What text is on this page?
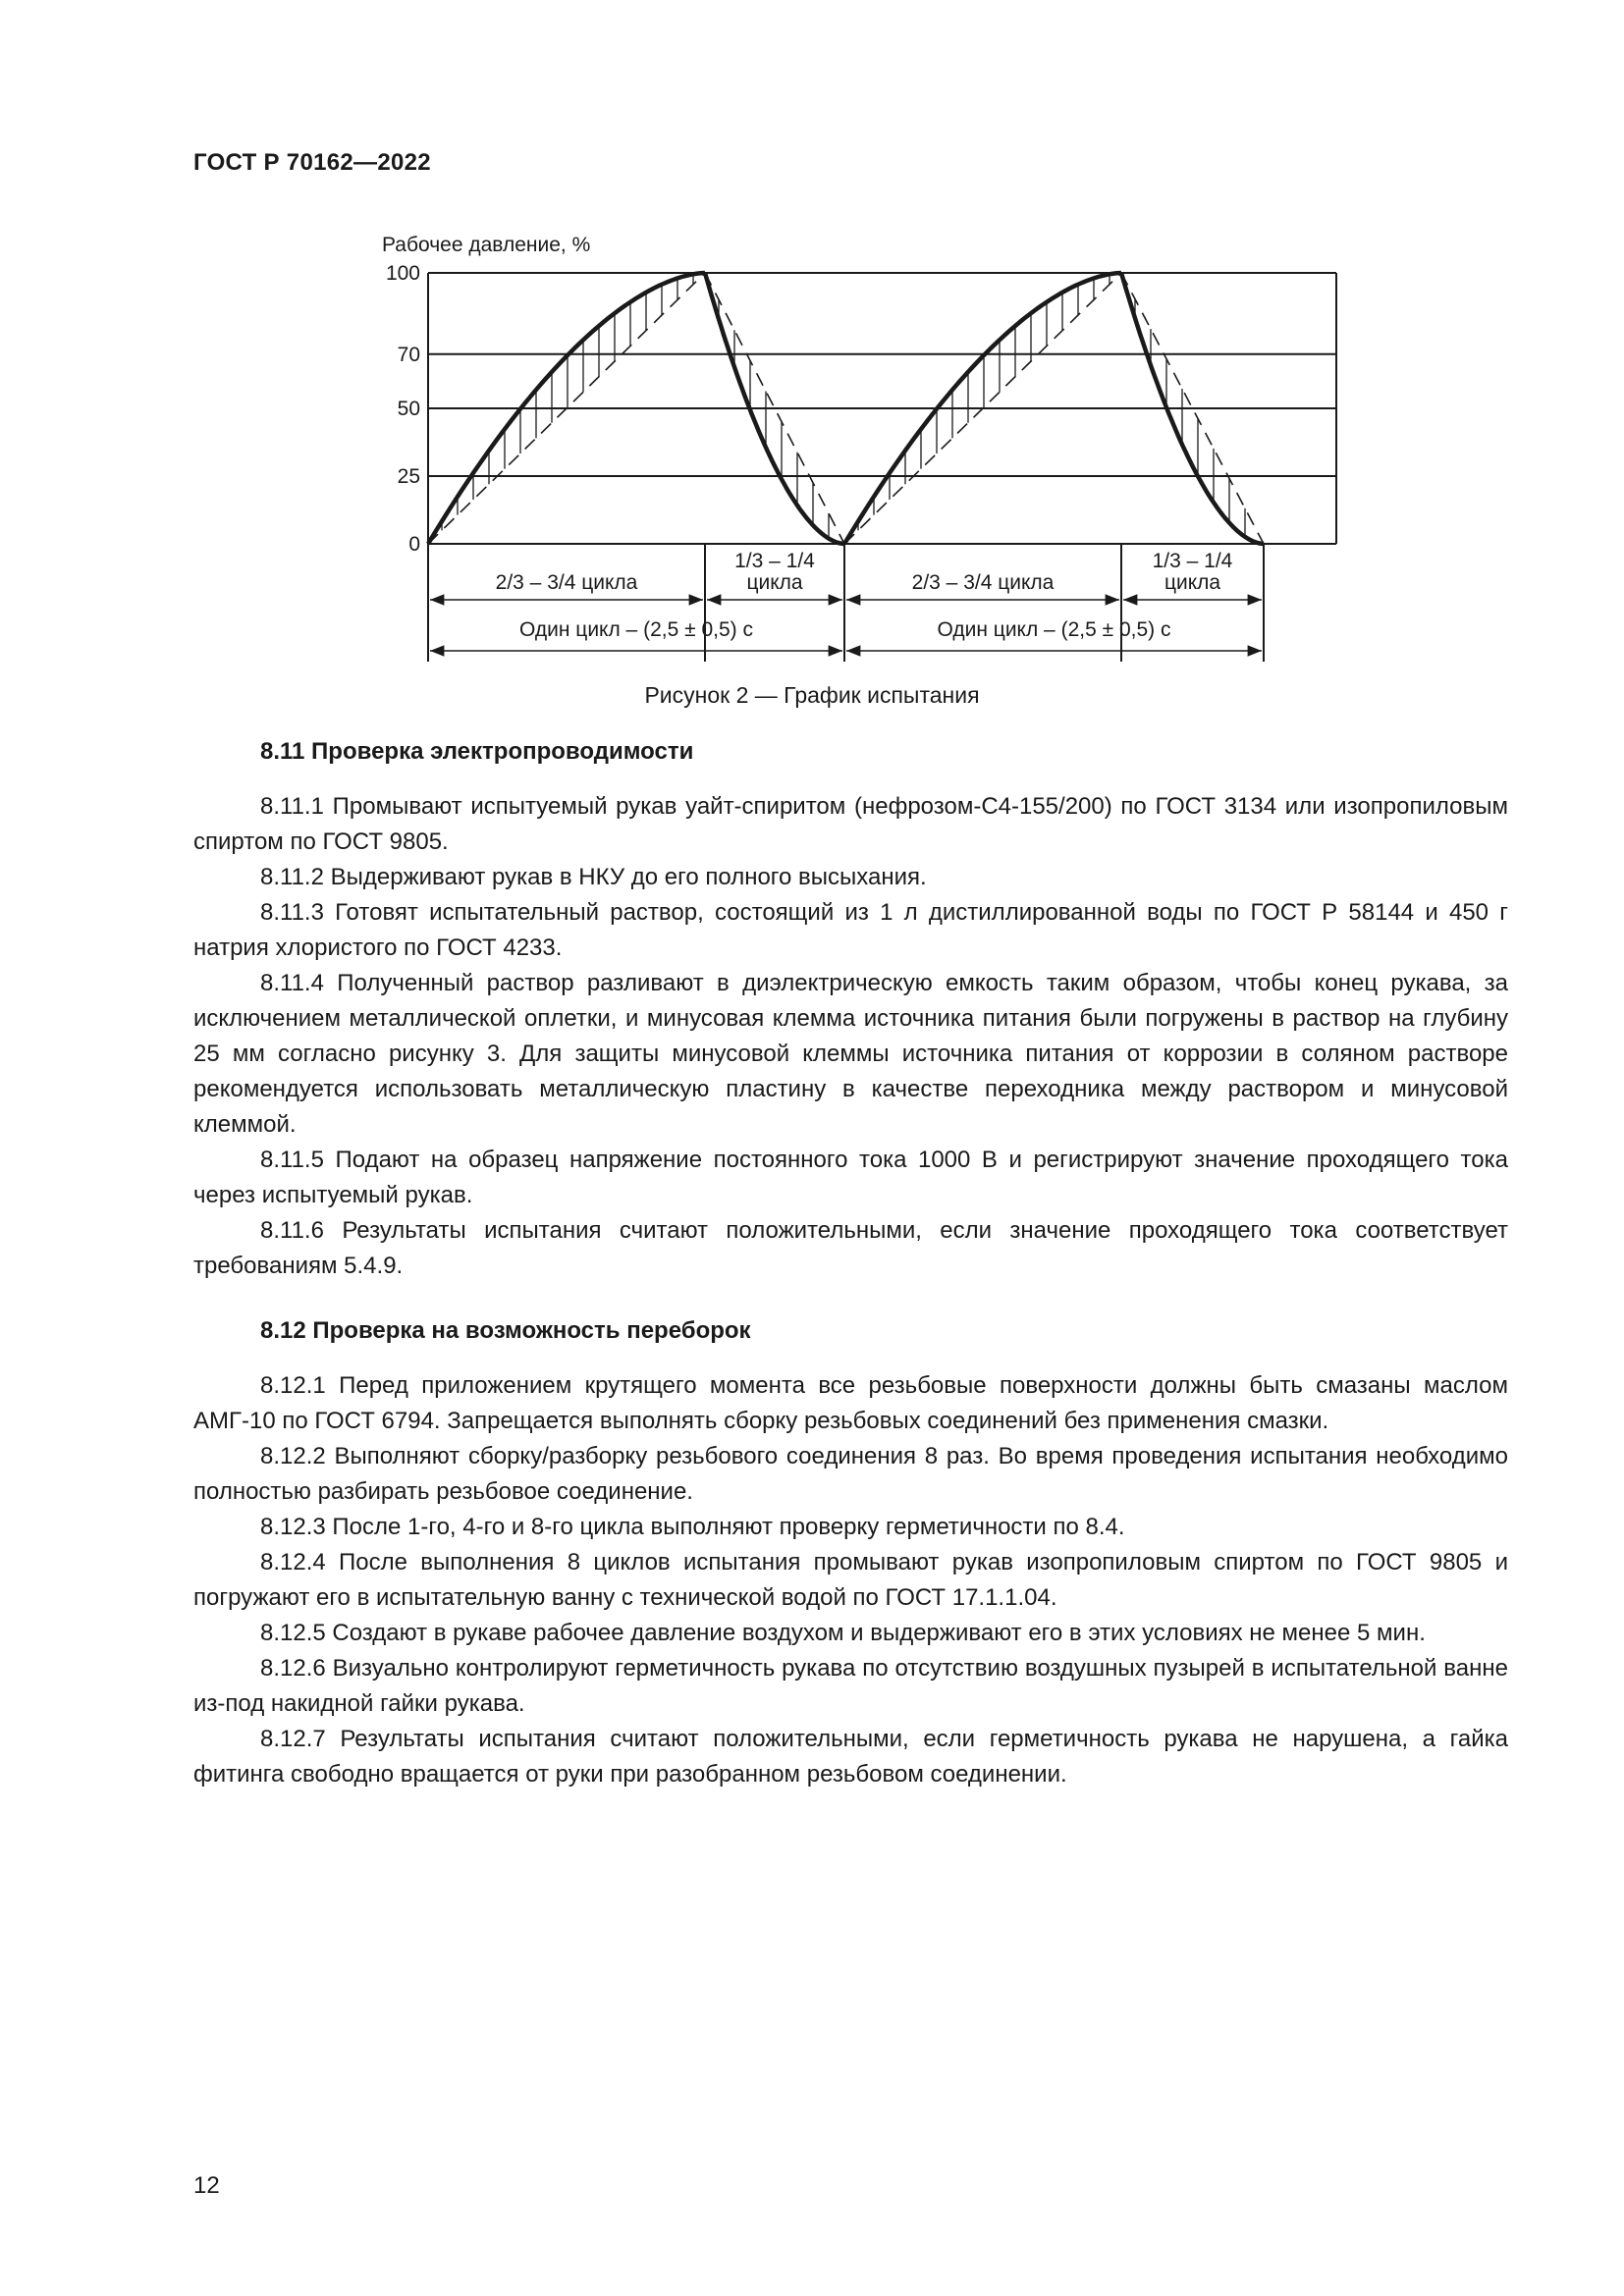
ГОСТ Р 70162—2022
Рабочее давление, %
0
25
50
70
100
2/3 – 3/4 цикла	2/3 – 3/4 цикла
1/3 – 1/4
цикла
1/3 – 1/4
цикла
Один цикл – (2,5 ± 0,5) с	Один цикл – (2,5 ± 0,5) с
Рисунок 2 — График испытания
8.11 Проверка электропроводимости

8.11.1 Промывают испытуемый рукав уайт-спиритом (нефрозом-С4-155/200) по ГОСТ 3134 или изопропиловым спиртом по ГОСТ 9805.

8.11.2 Выдерживают рукав в НКУ до его полного высыхания.

8.11.3 Готовят испытательный раствор, состоящий из 1 л дистиллированной воды по ГОСТ Р 58144 и 450 г натрия хлористого по ГОСТ 4233.

8.11.4 Полученный раствор разливают в диэлектрическую емкость таким образом, чтобы конец рукава, за исключением металлической оплетки, и минусовая клемма источника питания были погружены в раствор на глубину 25 мм согласно рисунку 3. Для защиты минусовой клеммы источника питания от коррозии в соляном растворе рекомендуется использовать металлическую пластину в качестве переходника между раствором и минусовой клеммой.

8.11.5 Подают на образец напряжение постоянного тока 1000 В и регистрируют значение проходящего тока через испытуемый рукав.

8.11.6 Результаты испытания считают положительными, если значение проходящего тока соответствует требованиям 5.4.9.

8.12 Проверка на возможность переборок

8.12.1 Перед приложением крутящего момента все резьбовые поверхности должны быть смазаны маслом АМГ-10 по ГОСТ 6794. Запрещается выполнять сборку резьбовых соединений без применения смазки.

8.12.2 Выполняют сборку/разборку резьбового соединения 8 раз. Во время проведения испытания необходимо полностью разбирать резьбовое соединение.

8.12.3 После 1-го, 4-го и 8-го цикла выполняют проверку герметичности по 8.4.

8.12.4 После выполнения 8 циклов испытания промывают рукав изопропиловым спиртом по ГОСТ 9805 и погружают его в испытательную ванну с технической водой по ГОСТ 17.1.1.04.

8.12.5 Создают в рукаве рабочее давление воздухом и выдерживают его в этих условиях не менее 5 мин.

8.12.6 Визуально контролируют герметичность рукава по отсутствию воздушных пузырей в испытательной ванне из-под накидной гайки рукава.

8.12.7 Результаты испытания считают положительными, если герметичность рукава не нарушена, а гайка фитинга свободно вращается от руки при разобранном резьбовом соединении.

12
